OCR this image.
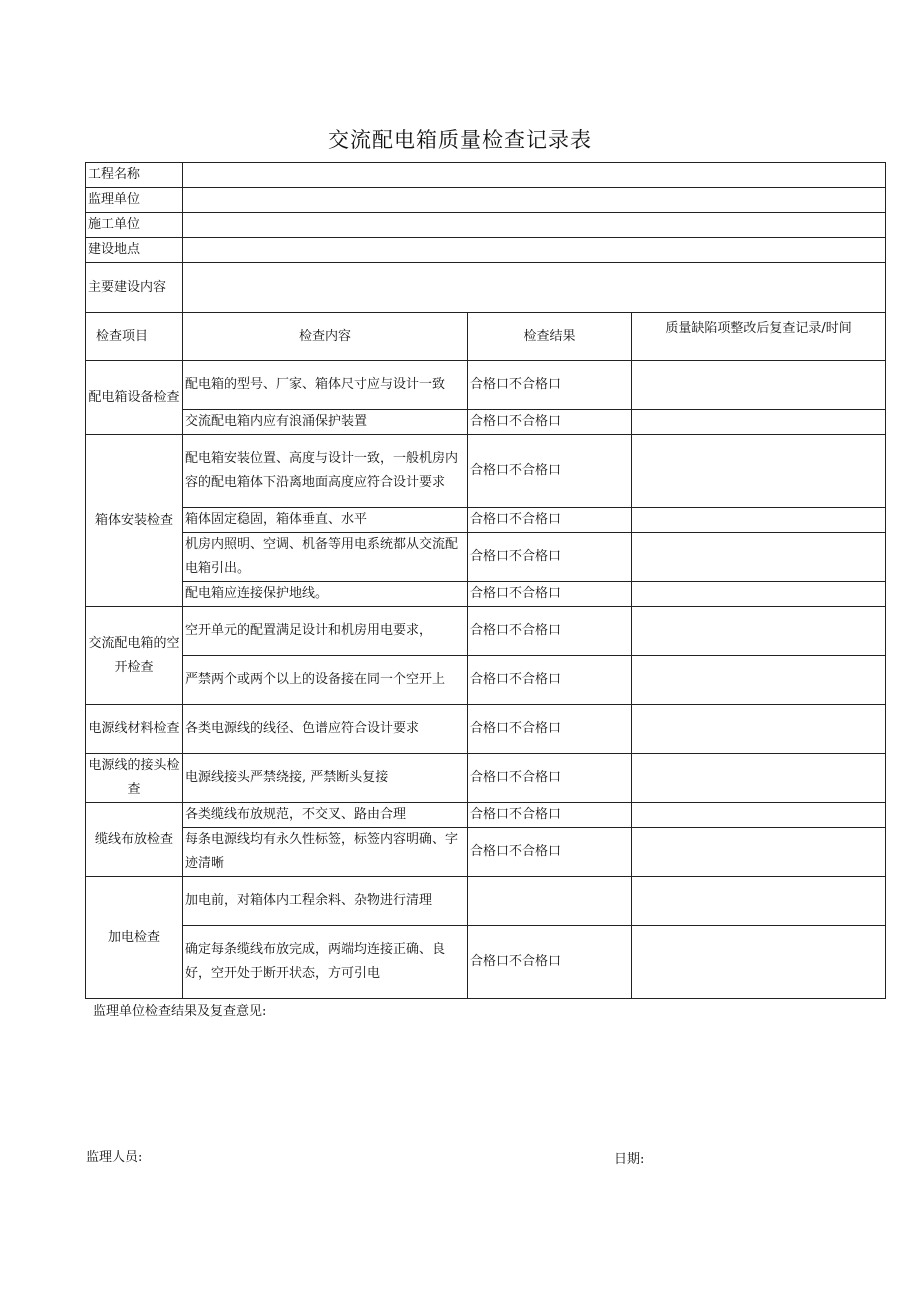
交流配电箱质量检查记录表
工程名称			
监理单位			
施工单位			
建设地点			
主要建设内容			
检查项目	检查内容	检查结果	质量缺陷项整改后复查记录/时间
配电箱设备检查	配电箱的型号、厂家、箱体尺寸应与设计一致	合格口不合格口	
	交流配电箱内应有浪涌保护装置	合格口不合格口	
箱体安装检查	配电箱安装位置、高度与设计一致，一般机房内容的配电箱体下沿离地面高度应符合设计要求	合格口不合格口	
	箱体固定稳固，箱体垂直、水平	合格口不合格口	
	机房内照明、空调、机备等用电系统都从交流配电箱引出。	合格口不合格口	
	配电箱应连接保护地线。	合格口不合格口	
交流配电箱的空开检查	空开单元的配置满足设计和机房用电要求，	合格口不合格口	
	严禁两个或两个以上的设备接在同一个空开上	合格口不合格口	
电源线材料检查	各类电源线的线径、色谱应符合设计要求	合格口不合格口	
电源线的接头检查	电源线接头严禁绕接, 严禁断头复接	合格口不合格口	
缆线布放检查	各类缆线布放规范，不交叉、路由合理	合格口不合格口	
	每条电源线均有永久性标签，标签内容明确、字迹清晰	合格口不合格口	
加电检查	加电前，对箱体内工程余料、杂物进行清理		
	确定每条缆线布放完成，两端均连接正确、良好，空开处于断开状态，方可引电	合格口不合格口	
监理单位检查结果及复查意见:
监理人员:	日期:
